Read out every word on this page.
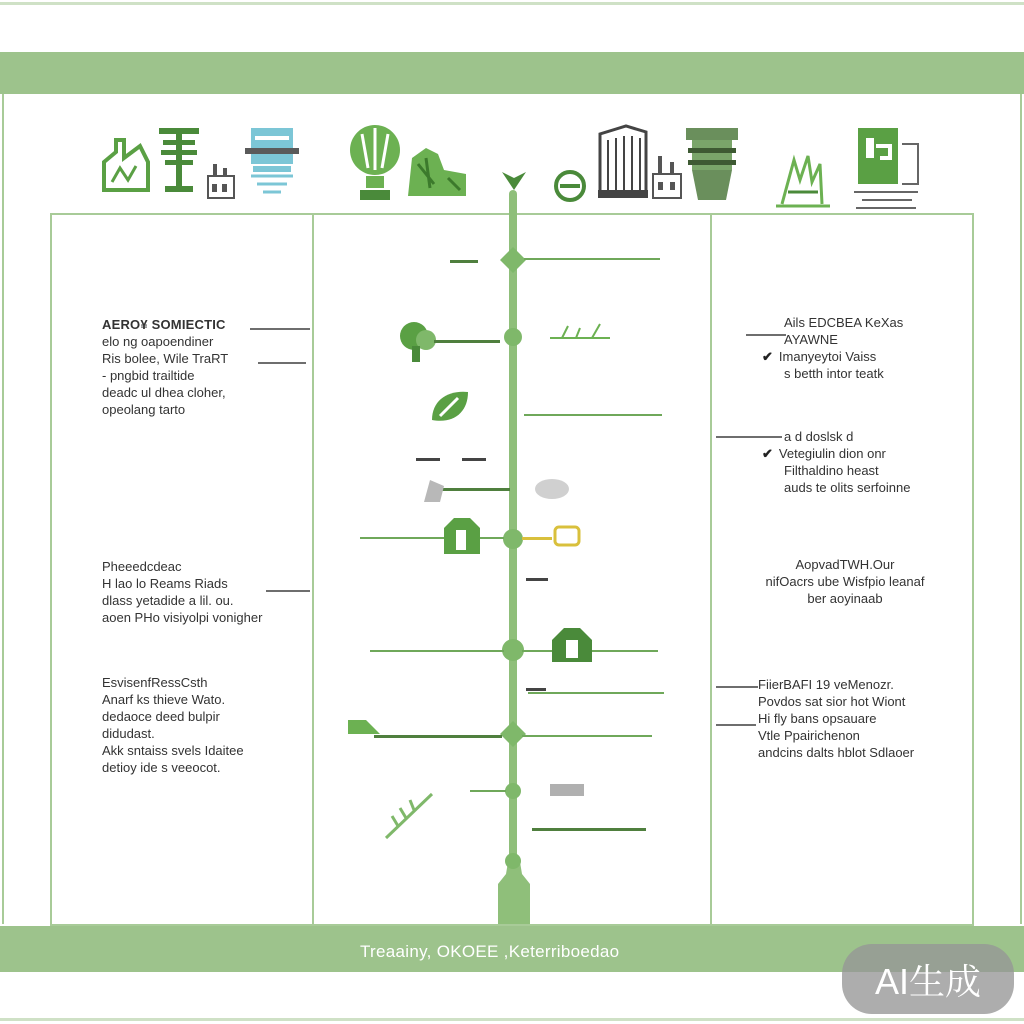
AERO¥ SOMIECTIC
elo ng oapoendiner
Ris bolee, Wile TraRT
- pngbid trailtide
deadc ul dhea cloher,
opeolang tarto
Pheeedcdeac
H lao lo Reams Riads
dlass yetadide a lil. ou.
aoen PHo visiyolpi vonigher
EsvisenfRessCsth
Anarf ks thieve Wato.
dedaoce deed bulpir
didudast.
Akk sntaiss svels Idaitee
detioy ide s veeocot.
Ails EDCBEA KeXas
AYAWNE
✔ Imanyeytoi Vaiss
s betth intor teatk
a d doslsk d
✔ Vetegiulin dion onr
Filthaldino heast
auds te olits serfoinne
AopvadTWH.Our
nifOacrs ube Wisfpio leanaf
ber aoyinaab
FiierBAFI 19 veMenozr.
Povdos sat sior hot Wiont
Hi fly bans opsauare
Vtle Ppairichenon
andcins dalts hblot Sdlaoer
Treaainy, OKOEE ,Keterriboedao
AI生成
